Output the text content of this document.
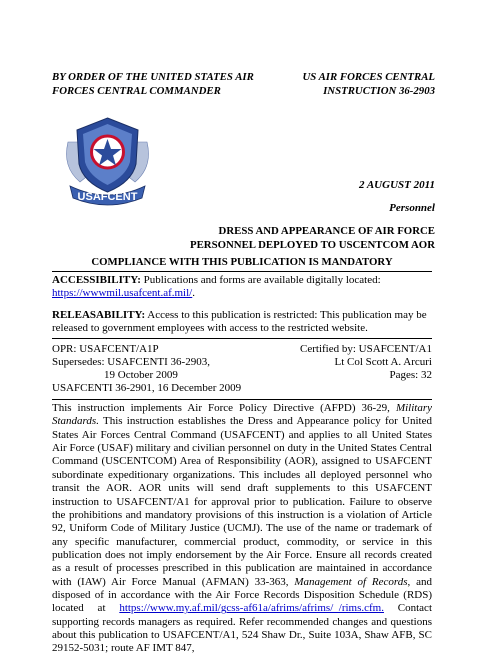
BY ORDER OF THE UNITED STATES AIR
FORCES CENTRAL COMMANDER
US AIR FORCES CENTRAL
INSTRUCTION 36-2903
USAFCENT
2 AUGUST 2011
Personnel
DRESS AND APPEARANCE OF AIR FORCE
PERSONNEL DEPLOYED TO USCENTCOM AOR
COMPLIANCE WITH THIS PUBLICATION IS MANDATORY
ACCESSIBILITY: Publications and forms are available digitally located:
https://wwwmil.usafcent.af.mil/.
RELEASABILITY: Access to this publication is restricted: This publication may be released to government employees with access to the restricted website.
OPR: USAFCENT/A1P	Certified by: USAFCENT/A1
Supersedes: USAFCENTI 36-2903,	Lt Col Scott A. Arcuri
19 October 2009	Pages: 32
USAFCENTI 36-2901, 16 December 2009
This instruction implements Air Force Policy Directive (AFPD) 36-29, Military Standards. This instruction establishes the Dress and Appearance policy for United States Air Forces Central Command (USAFCENT) and applies to all United States Air Force (USAF) military and civilian personnel on duty in the United States Central Command (USCENTCOM) Area of Responsibility (AOR), assigned to USAFCENT subordinate expeditionary organizations. This includes all deployed personnel who transit the AOR. AOR units will send draft supplements to this USAFCENT instruction to USAFCENT/A1 for approval prior to publication. Failure to observe the prohibitions and mandatory provisions of this instruction is a violation of Article 92, Uniform Code of Military Justice (UCMJ). The use of the name or trademark of any specific manufacturer, commercial product, commodity, or service in this publication does not imply endorsement by the Air Force. Ensure all records created as a result of processes prescribed in this publication are maintained in accordance with (IAW) Air Force Manual (AFMAN) 33-363, Management of Records, and disposed of in accordance with the Air Force Records Disposition Schedule (RDS) located at https://www.my.af.mil/gcss-af61a/afrims/afrims/_/rims.cfm. Contact supporting records managers as required. Refer recommended changes and questions about this publication to USAFCENT/A1, 524 Shaw Dr., Suite 103A, Shaw AFB, SC 29152-5031; route AF IMT 847,
